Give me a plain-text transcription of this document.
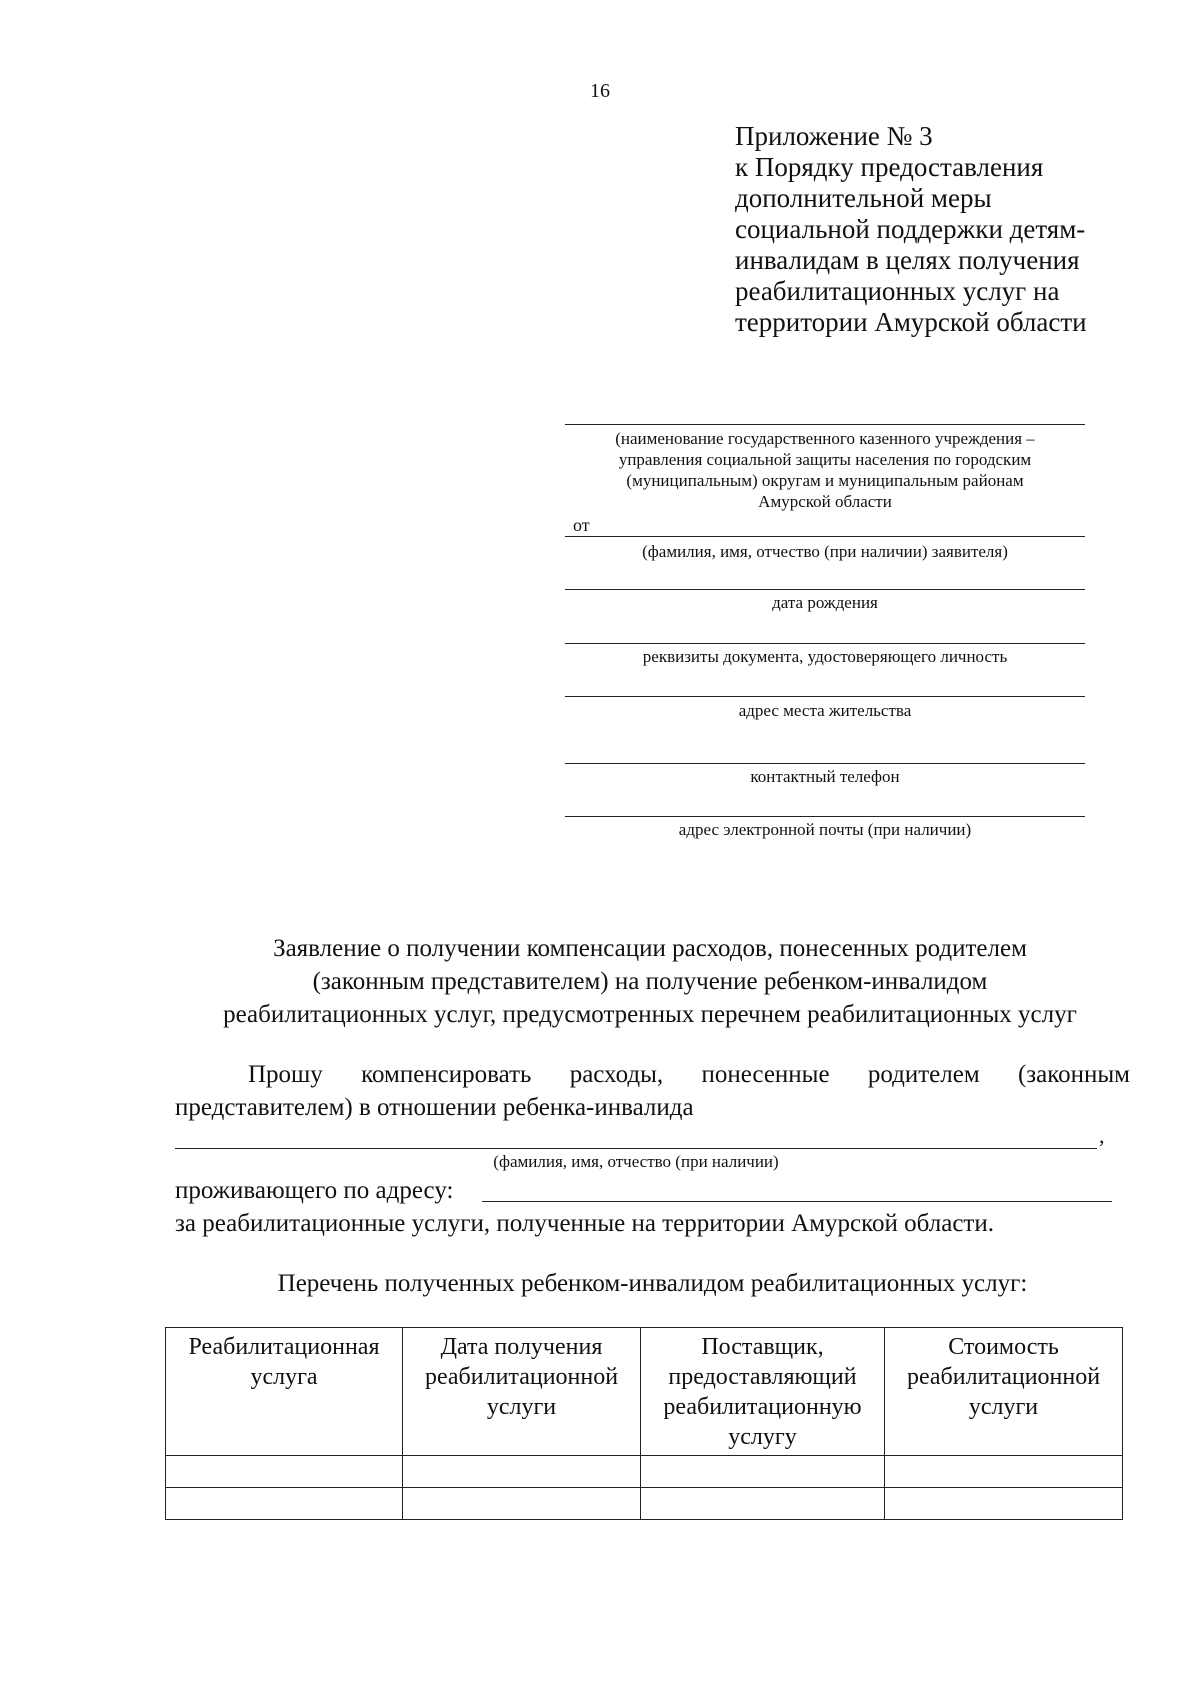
16
Приложение № 3
к Порядку предоставления
дополнительной меры
социальной поддержки детям-
инвалидам в целях получения
реабилитационных услуг на
территории Амурской области
(наименование государственного казенного учреждения –
управления социальной защиты населения по городским
(муниципальным) округам и муниципальным районам
Амурской области
от
(фамилия, имя, отчество (при наличии) заявителя)
дата рождения
реквизиты документа, удостоверяющего личность
адрес места жительства
контактный телефон
адрес электронной почты (при наличии)
Заявление о получении компенсации расходов, понесенных родителем
(законным представителем) на получение ребенком-инвалидом
реабилитационных услуг, предусмотренных перечнем реабилитационных услуг
Прошу компенсировать расходы, понесенные родителем (законным
представителем) в отношении ребенка-инвалида
,
(фамилия, имя, отчество (при наличии)
проживающего по адресу:
за реабилитационные услуги, полученные на территории Амурской области.
Перечень полученных ребенком-инвалидом реабилитационных услуг:
Реабилитационная услуга	Дата получения реабилитационной услуги	Поставщик, предоставляющий реабилитационную услугу	Стоимость реабилитационной услуги
